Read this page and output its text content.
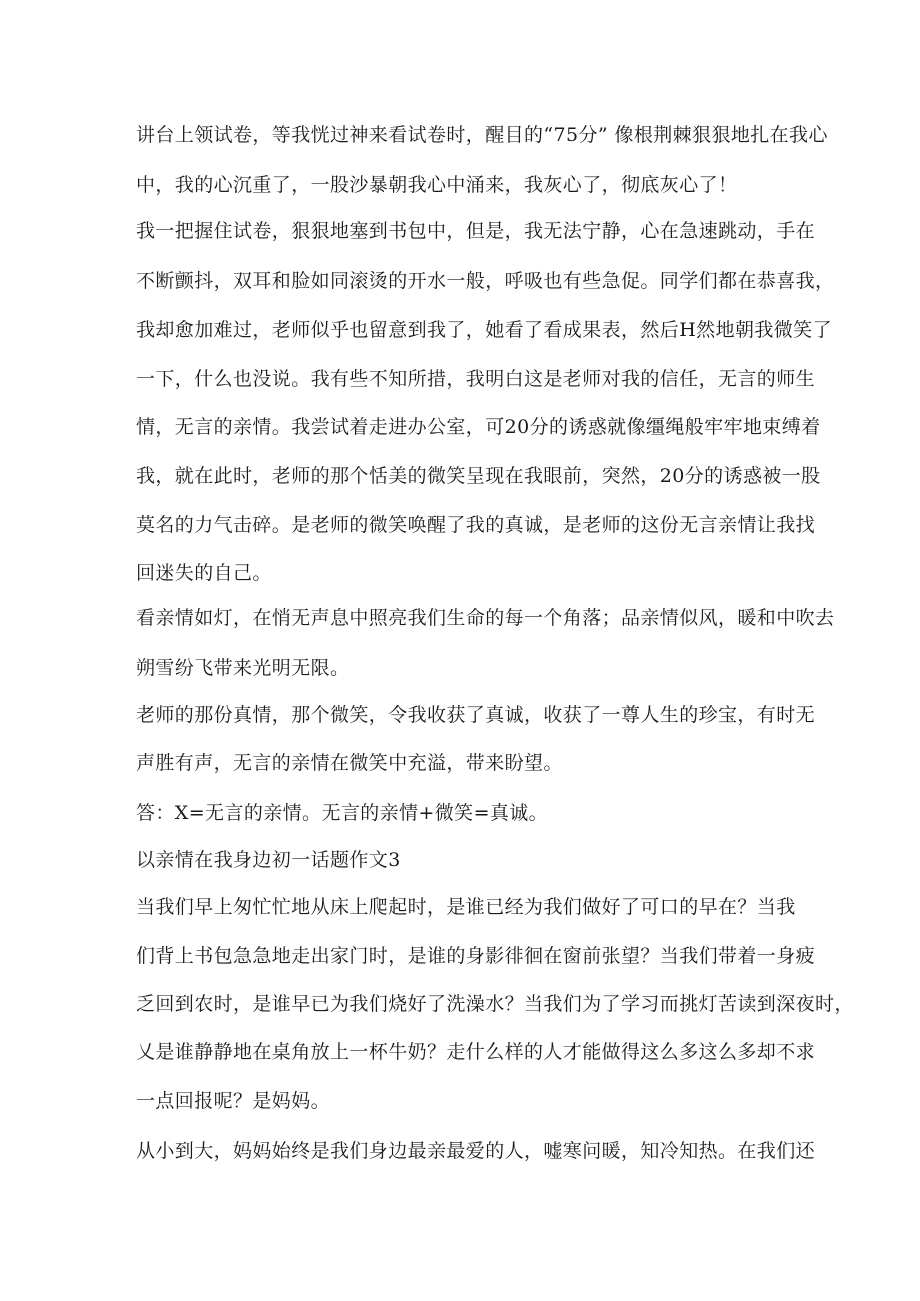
讲台上领试卷，等我恍过神来看试卷时，醒目的“75分” 像根荆棘狠狠地扎在我心
中，我的心沉重了，一股沙暴朝我心中涌来，我灰心了，彻底灰心了！
我一把握住试卷，狠狠地塞到书包中，但是，我无法宁静，心在急速跳动，手在
不断颤抖，双耳和脸如同滚烫的开水一般，呼吸也有些急促。同学们都在恭喜我，
我却愈加难过，老师似乎也留意到我了，她看了看成果表，然后H然地朝我微笑了
一下，什么也没说。我有些不知所措，我明白这是老师对我的信任，无言的师生
情，无言的亲情。我尝试着走进办公室，可20分的诱惑就像缰绳般牢牢地束缚着
我，就在此时，老师的那个恬美的微笑呈现在我眼前，突然，20分的诱惑被一股
莫名的力气击碎。是老师的微笑唤醒了我的真诚，是老师的这份无言亲情让我找
回迷失的自己。
看亲情如灯，在悄无声息中照亮我们生命的每一个角落；品亲情似风，暖和中吹去
朔雪纷飞带来光明无限。
老师的那份真情，那个微笑，令我收获了真诚，收获了一尊人生的珍宝，有时无
声胜有声，无言的亲情在微笑中充溢，带来盼望。
答：X=无言的亲情。无言的亲情+微笑=真诚。
以亲情在我身边初一话题作文3
当我们早上匆忙忙地从床上爬起时，是谁已经为我们做好了可口的早在？当我
们背上书包急急地走出家门时，是谁的身影徘徊在窗前张望？当我们带着一身疲
乏回到农时，是谁早已为我们烧好了洗澡水？当我们为了学习而挑灯苦读到深夜时，
乂是谁静静地在桌角放上一杯牛奶？走什么样的人才能做得这么多这么多却不求
一点回报呢？是妈妈。
从小到大，妈妈始终是我们身边最亲最爱的人，嘘寒问暖，知冷知热。在我们还
